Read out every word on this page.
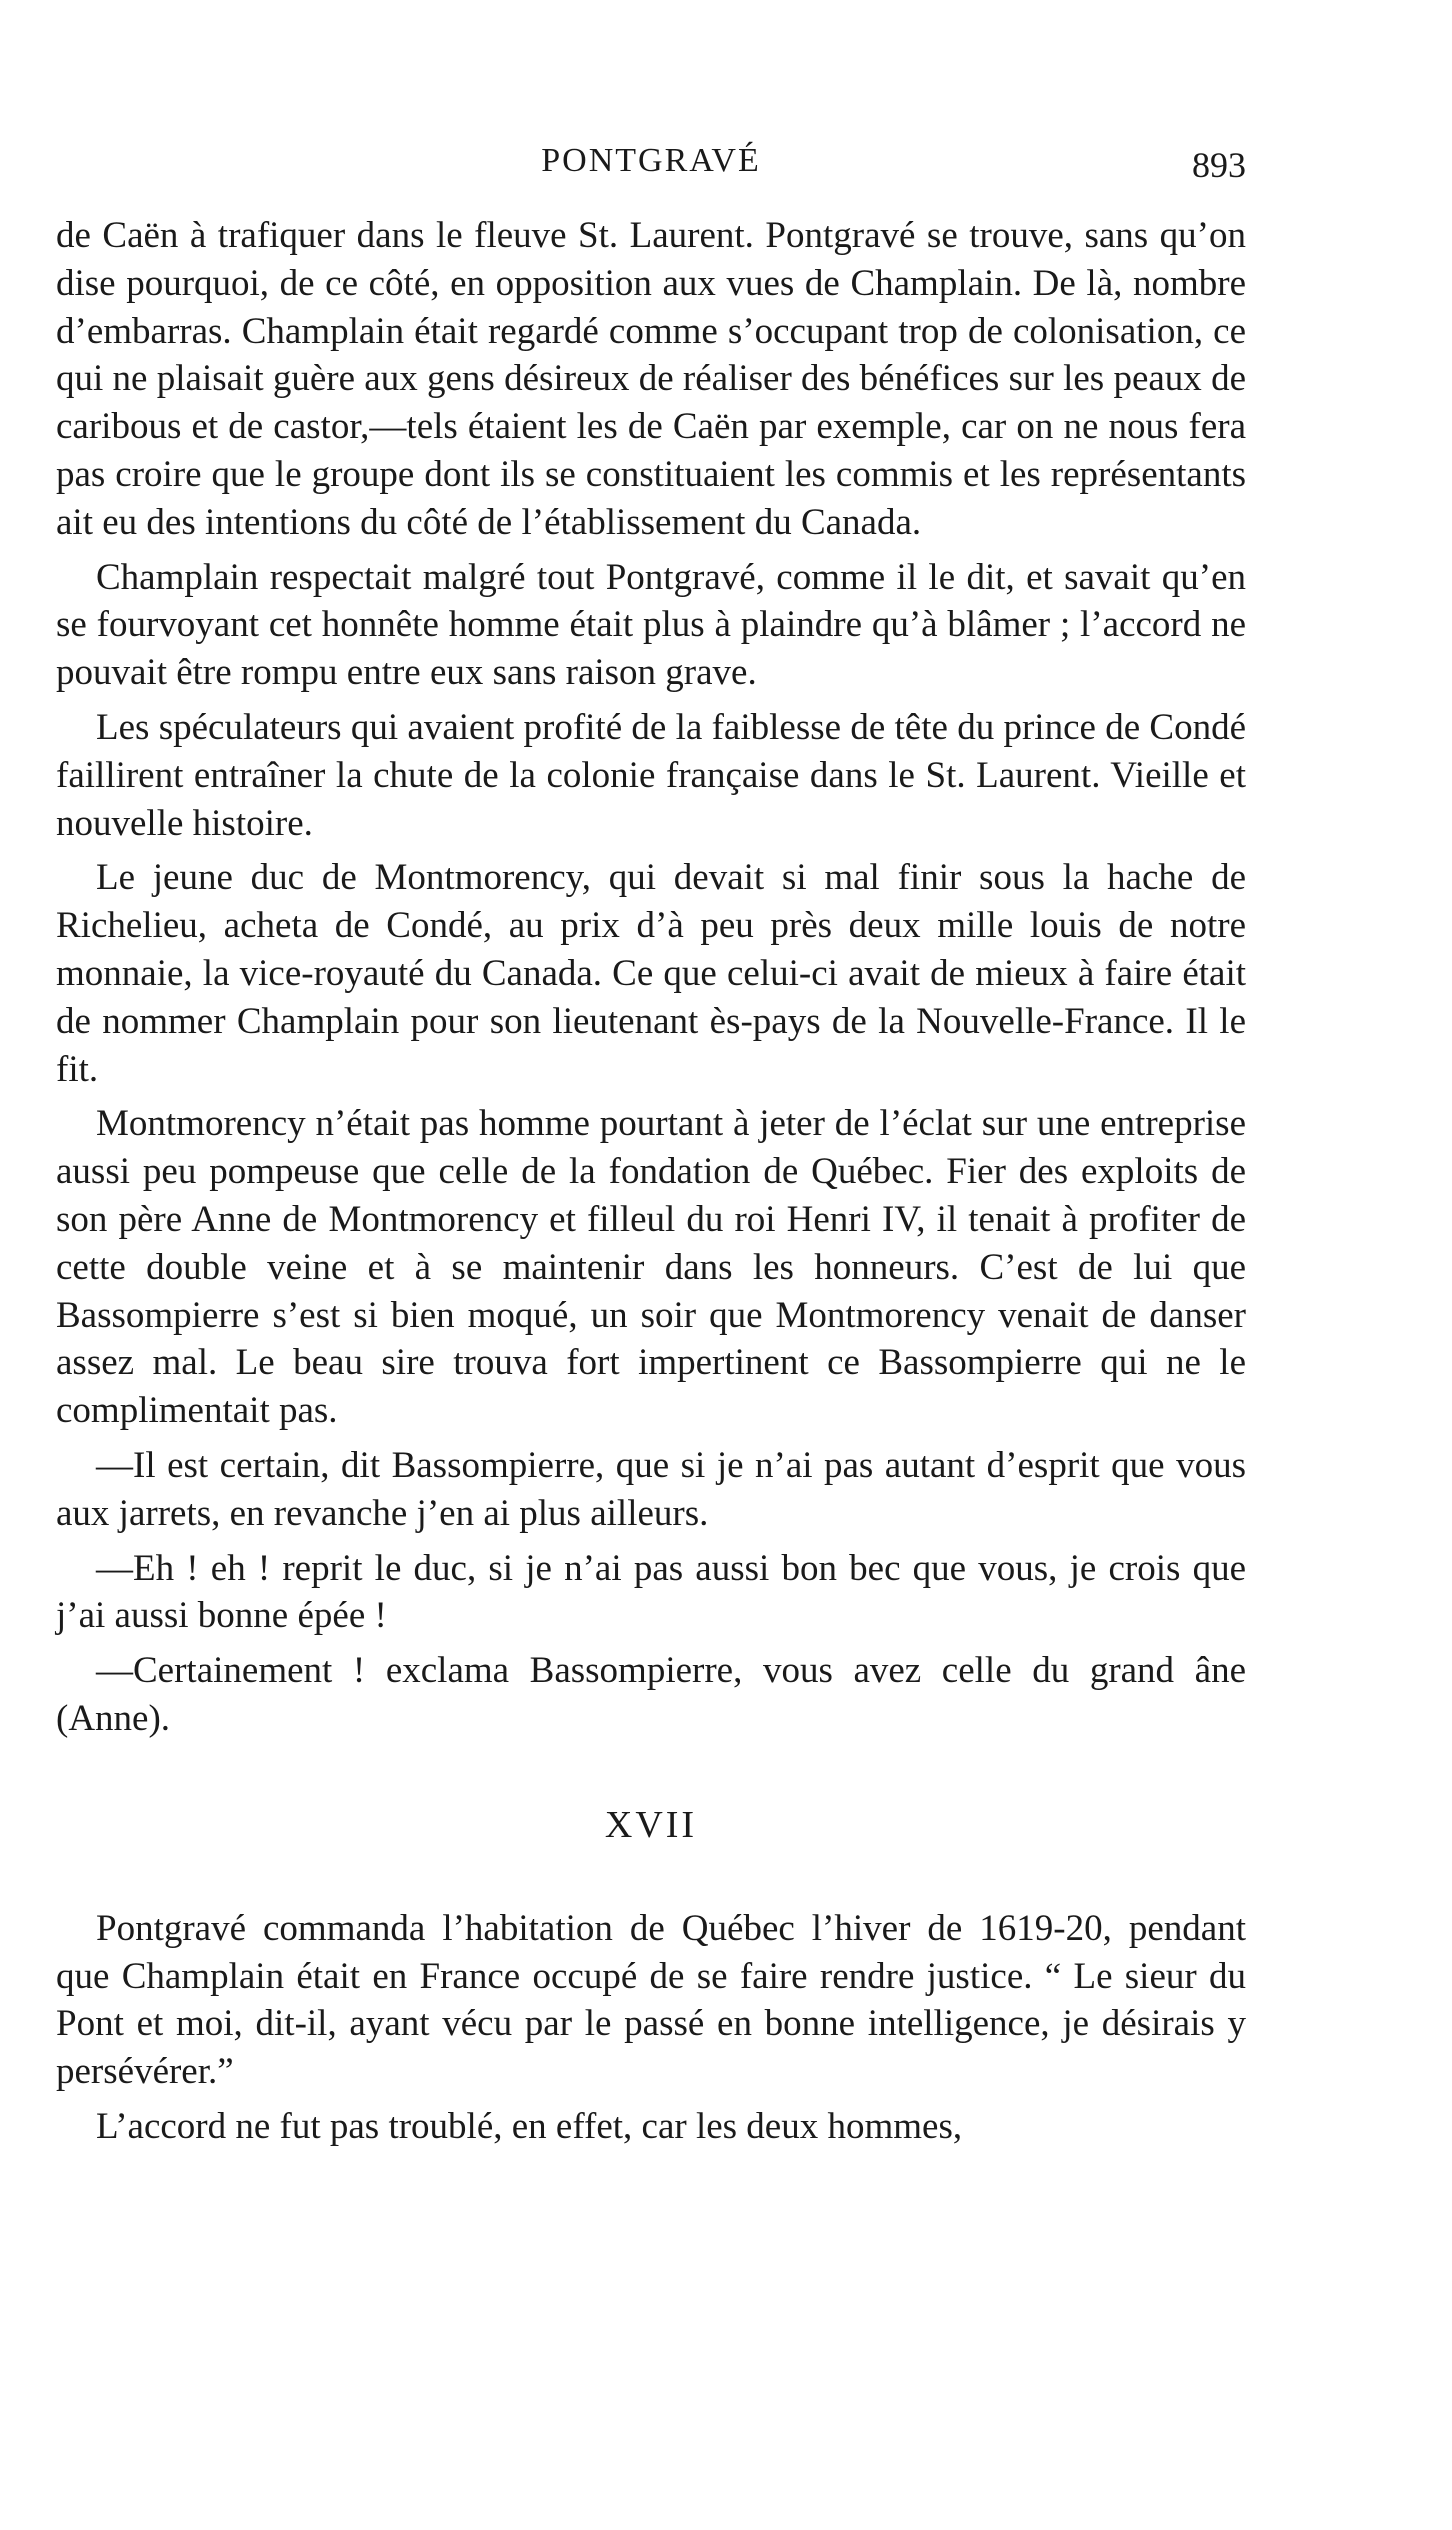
PONTGRAVÉ	893

de Caën à trafiquer dans le fleuve St. Laurent. Pontgravé se trouve, sans qu’on dise pourquoi, de ce côté, en opposition aux vues de Champlain. De là, nombre d’embarras. Champlain était regardé comme s’occupant trop de colonisation, ce qui ne plaisait guère aux gens désireux de réaliser des bénéfices sur les peaux de caribous et de castor,—tels étaient les de Caën par exemple, car on ne nous fera pas croire que le groupe dont ils se constituaient les commis et les représentants ait eu des intentions du côté de l’établissement du Canada.

Champlain respectait malgré tout Pontgravé, comme il le dit, et savait qu’en se fourvoyant cet honnête homme était plus à plaindre qu’à blâmer ; l’accord ne pouvait être rompu entre eux sans raison grave.

Les spéculateurs qui avaient profité de la faiblesse de tête du prince de Condé faillirent entraîner la chute de la colonie française dans le St. Laurent. Vieille et nouvelle histoire.

Le jeune duc de Montmorency, qui devait si mal finir sous la hache de Richelieu, acheta de Condé, au prix d’à peu près deux mille louis de notre monnaie, la vice-royauté du Canada. Ce que celui-ci avait de mieux à faire était de nommer Champlain pour son lieutenant ès-pays de la Nouvelle-France. Il le fit.

Montmorency n’était pas homme pourtant à jeter de l’éclat sur une entreprise aussi peu pompeuse que celle de la fondation de Québec. Fier des exploits de son père Anne de Montmorency et filleul du roi Henri IV, il tenait à profiter de cette double veine et à se maintenir dans les honneurs. C’est de lui que Bassompierre s’est si bien moqué, un soir que Montmorency venait de danser assez mal. Le beau sire trouva fort impertinent ce Bassompierre qui ne le complimentait pas.

—Il est certain, dit Bassompierre, que si je n’ai pas autant d’esprit que vous aux jarrets, en revanche j’en ai plus ailleurs.

—Eh ! eh ! reprit le duc, si je n’ai pas aussi bon bec que vous, je crois que j’ai aussi bonne épée !

—Certainement ! exclama Bassompierre, vous avez celle du grand âne (Anne).

XVII

Pontgravé commanda l’habitation de Québec l’hiver de 1619-20, pendant que Champlain était en France occupé de se faire rendre justice. “ Le sieur du Pont et moi, dit-il, ayant vécu par le passé en bonne intelligence, je désirais y persévérer.”

L’accord ne fut pas troublé, en effet, car les deux hommes,
